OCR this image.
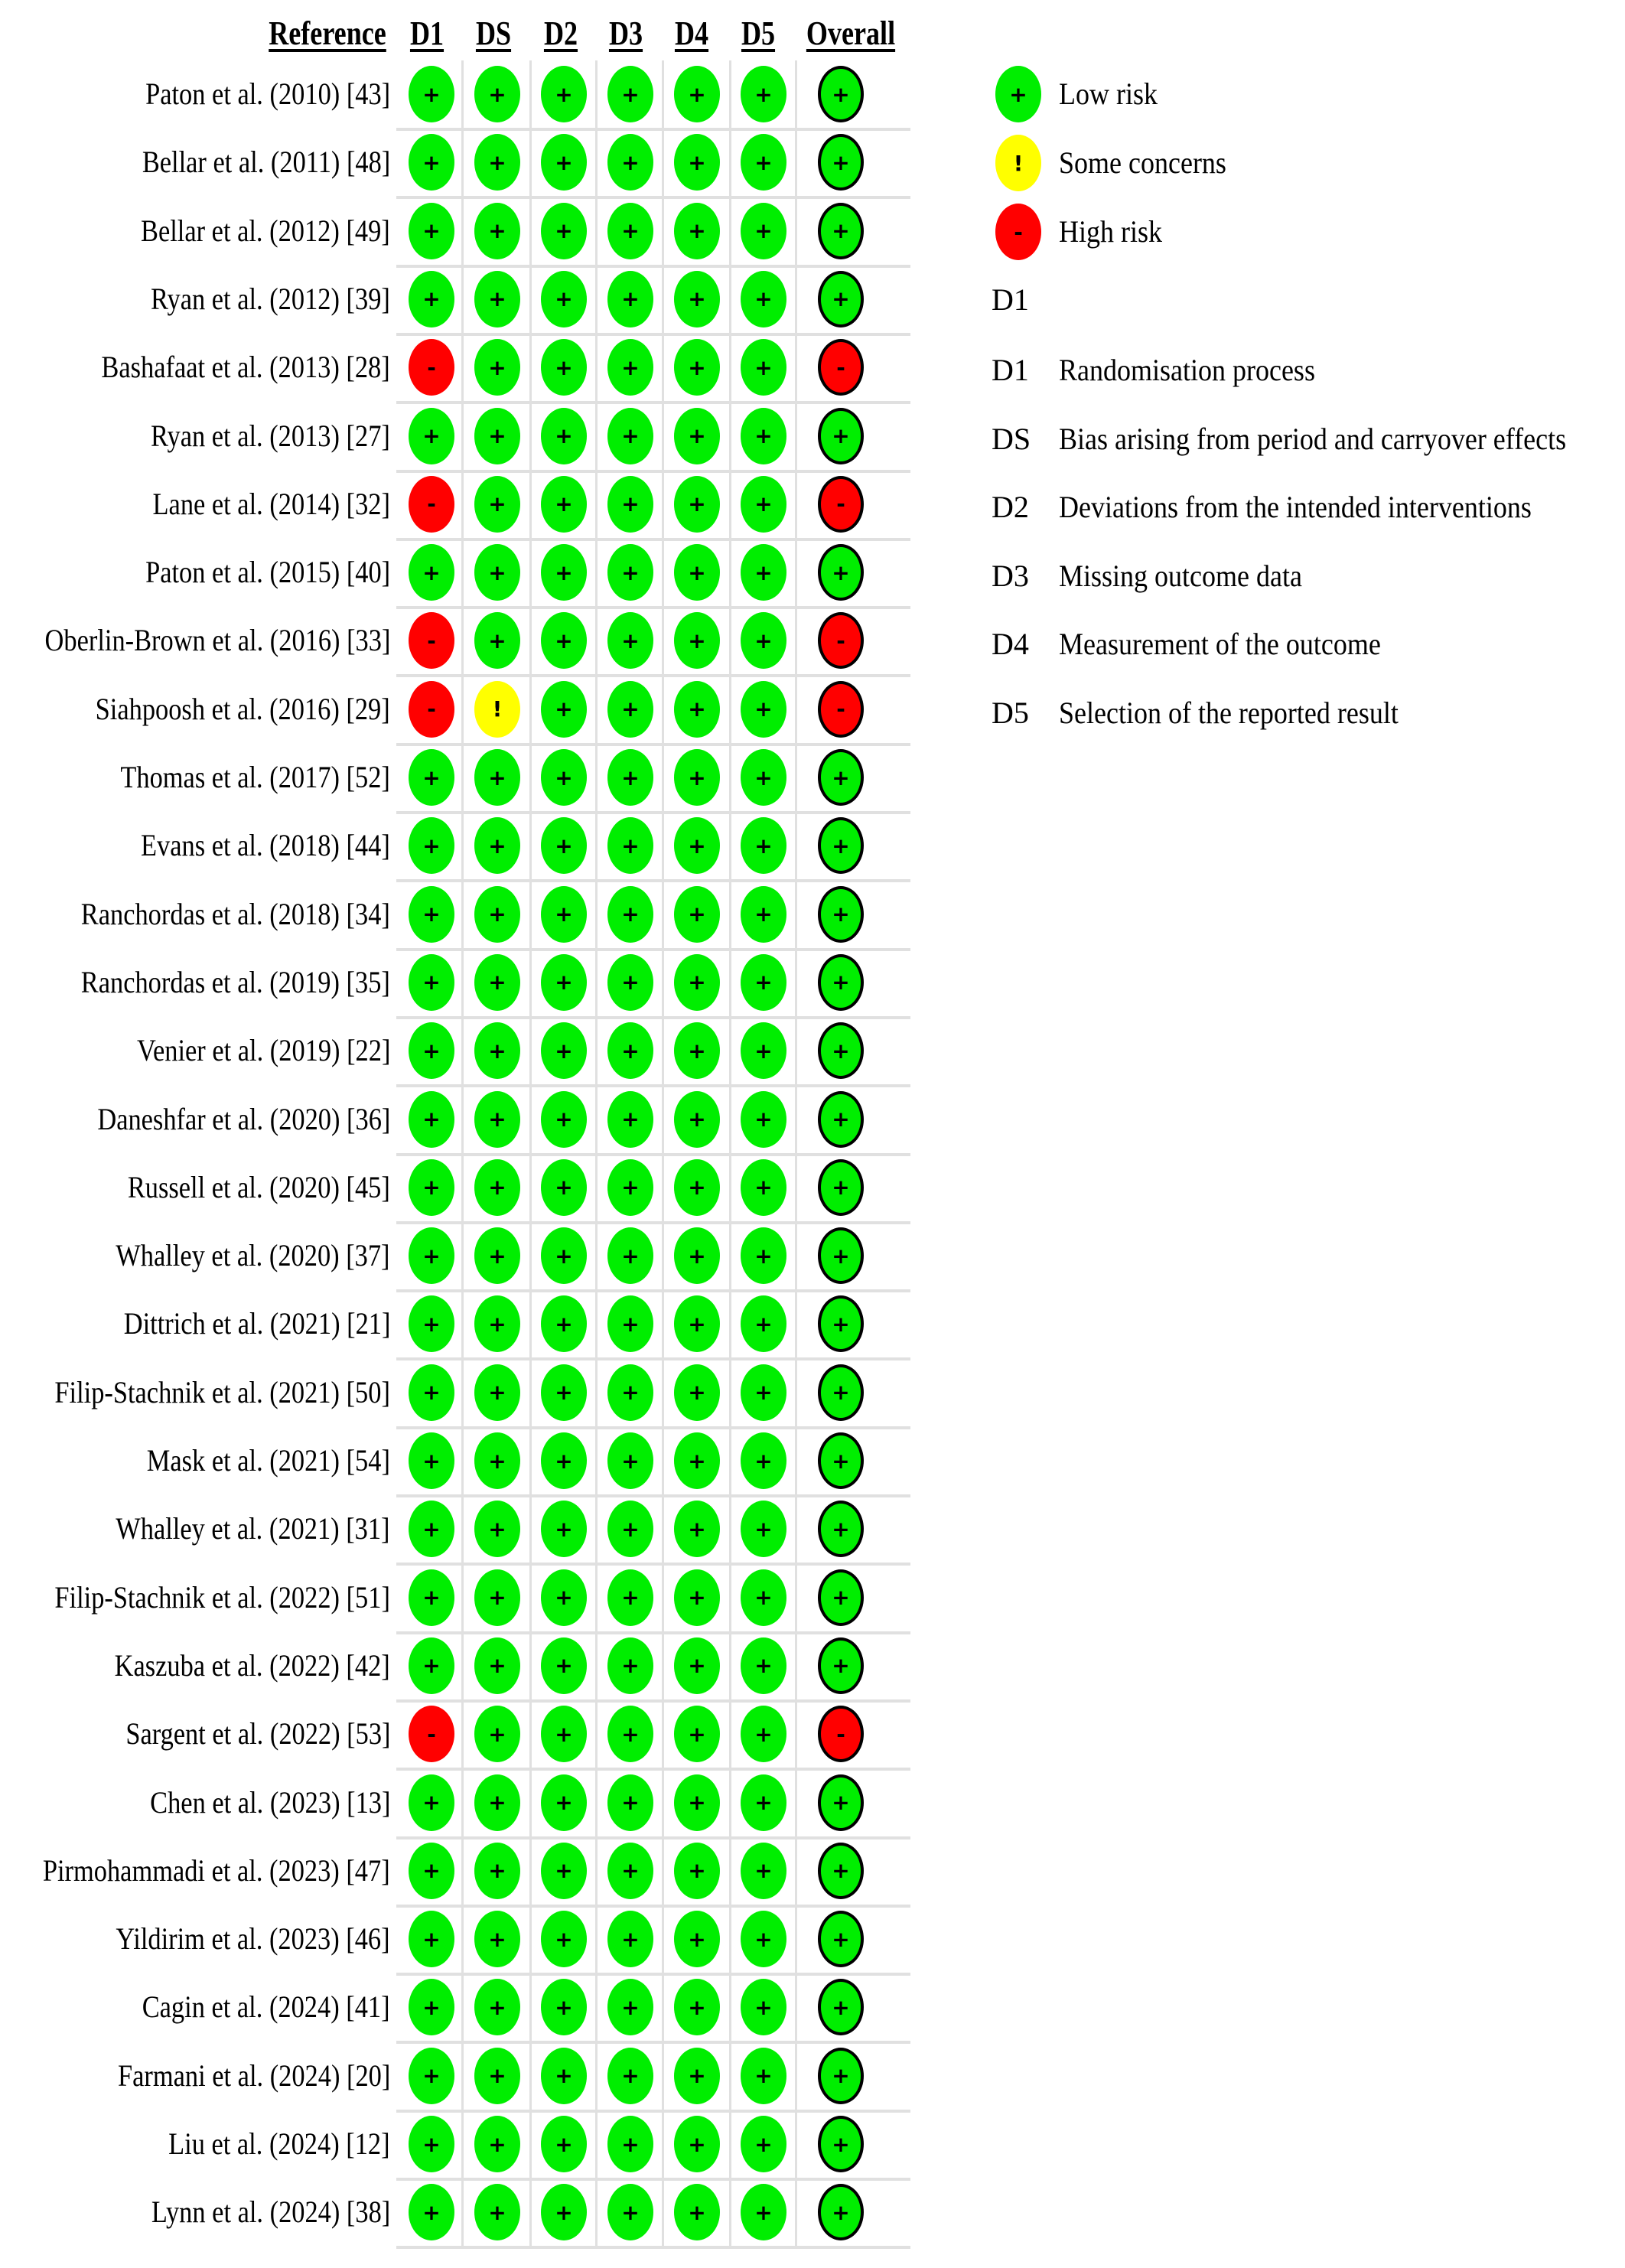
Reference D1 DS D2 D3 D4 D5 Overall
Paton et al. (2010) [43]	+	+	+	+	+	+	+
Bellar et al. (2011) [48]	+	+	+	+	+	+	+
Bellar et al. (2012) [49]	+	+	+	+	+	+	+
Ryan et al. (2012) [39]	+	+	+	+	+	+	+
Bashafaat et al. (2013) [28]	-	+	+	+	+	+	-
Ryan et al. (2013) [27]	+	+	+	+	+	+	+
Lane et al. (2014) [32]	-	+	+	+	+	+	-
Paton et al. (2015) [40]	+	+	+	+	+	+	+
Oberlin-Brown et al. (2016) [33]	-	+	+	+	+	+	-
Siahpoosh et al. (2016) [29]	-	!	+	+	+	+	-
Thomas et al. (2017) [52]	+	+	+	+	+	+	+
Evans et al. (2018) [44]	+	+	+	+	+	+	+
Ranchordas et al. (2018) [34]	+	+	+	+	+	+	+
Ranchordas et al. (2019) [35]	+	+	+	+	+	+	+
Venier et al. (2019) [22]	+	+	+	+	+	+	+
Daneshfar et al. (2020) [36]	+	+	+	+	+	+	+
Russell et al. (2020) [45]	+	+	+	+	+	+	+
Whalley et al. (2020) [37]	+	+	+	+	+	+	+
Dittrich et al. (2021) [21]	+	+	+	+	+	+	+
Filip-Stachnik et al. (2021) [50]	+	+	+	+	+	+	+
Mask et al. (2021) [54]	+	+	+	+	+	+	+
Whalley et al. (2021) [31]	+	+	+	+	+	+	+
Filip-Stachnik et al. (2022) [51]	+	+	+	+	+	+	+
Kaszuba et al. (2022) [42]	+	+	+	+	+	+	+
Sargent et al. (2022) [53]	-	+	+	+	+	+	-
Chen et al. (2023) [13]	+	+	+	+	+	+	+
Pirmohammadi et al. (2023) [47]	+	+	+	+	+	+	+
Yildirim et al. (2023) [46]	+	+	+	+	+	+	+
Cagin et al. (2024) [41]	+	+	+	+	+	+	+
Farmani et al. (2024) [20]	+	+	+	+	+	+	+
Liu et al. (2024) [12]	+	+	+	+	+	+	+
Lynn et al. (2024) [38]	+	+	+	+	+	+	+
D1
+	Low risk
!	Some concerns
-	High risk
D1 Randomisation process
DS Bias arising from period and carryover effects
D2 Deviations from the intended interventions
D3 Missing outcome data
D4 Measurement of the outcome
D5 Selection of the reported result
